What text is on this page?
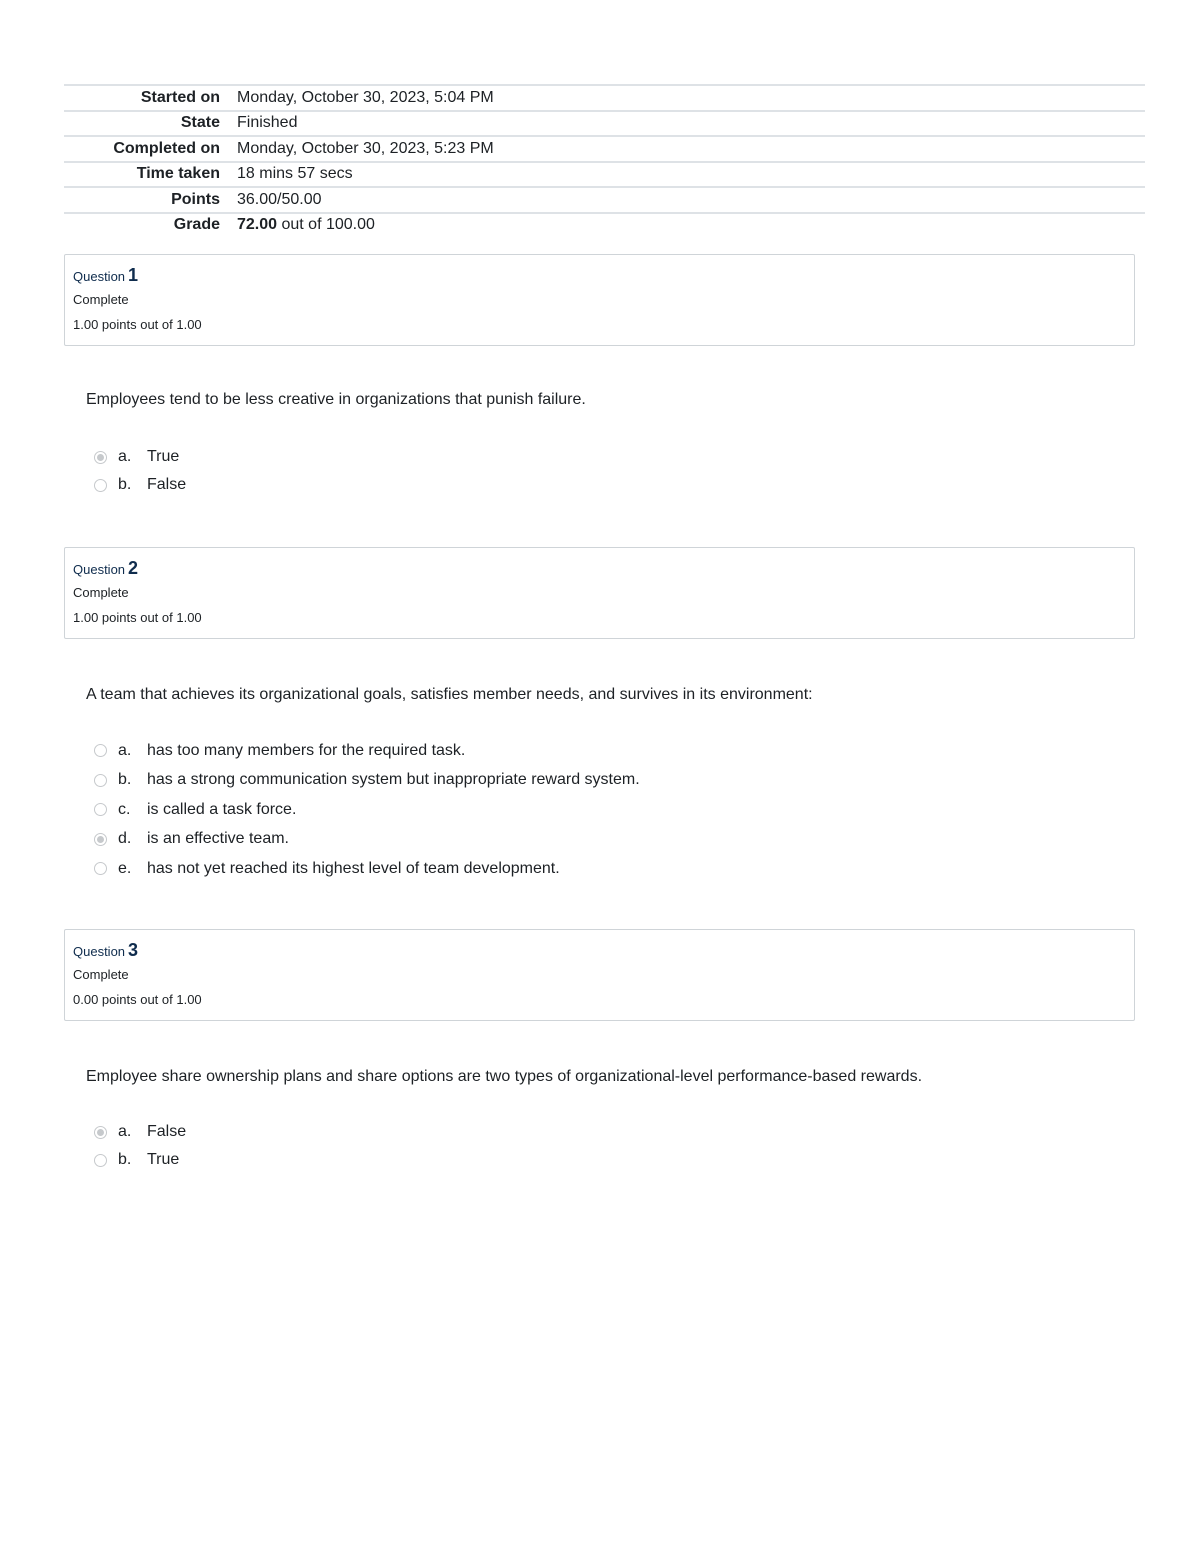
Started on	Monday, October 30, 2023, 5:04 PM
State	Finished
Completed on	Monday, October 30, 2023, 5:23 PM
Time taken	18 mins 57 secs
Points	36.00/50.00
Grade	72.00 out of 100.00
Question 1
Complete
1.00 points out of 1.00
Employees tend to be less creative in organizations that punish failure.
a. True
b. False
Question 2
Complete
1.00 points out of 1.00
A team that achieves its organizational goals, satisfies member needs, and survives in its environment:
a. has too many members for the required task.
b. has a strong communication system but inappropriate reward system.
c.	is called a task force.
d. is an effective team.
e. has not yet reached its highest level of team development.
Question 3
Complete
0.00 points out of 1.00
Employee share ownership plans and share options are two types of organizational-level performance-based rewards.
a. False
b. True
